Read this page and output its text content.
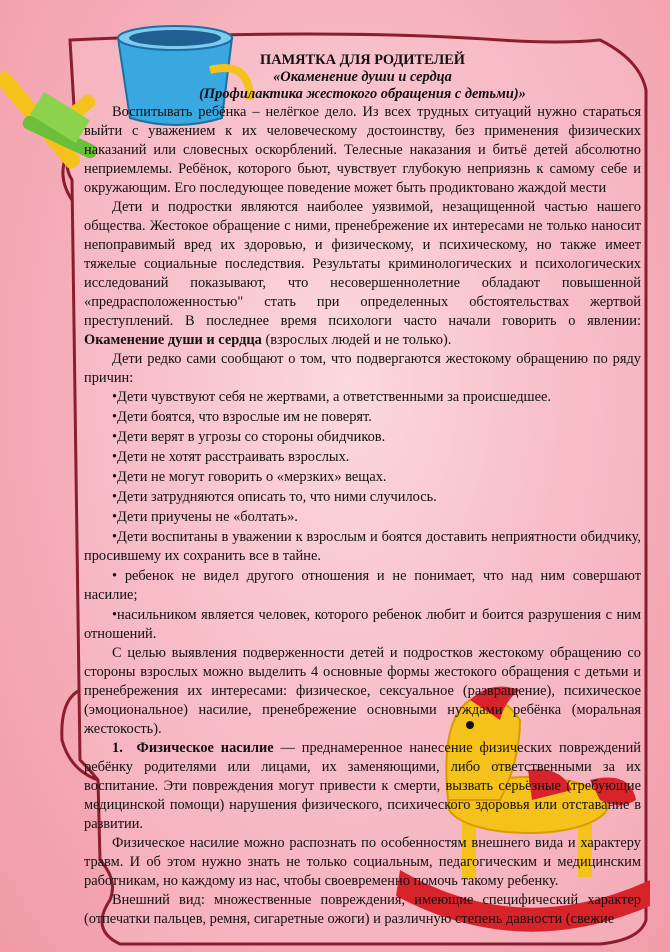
ПАМЯТКА ДЛЯ РОДИТЕЛЕЙ
«Окаменение души и сердца
(Профилактика жестокого обращения с детьми)»

Воспитывать ребёнка – нелёгкое дело. Из всех трудных ситуаций нужно стараться выйти с уважением к их человеческому достоинству, без применения физических наказаний или словесных оскорблений. Телесные наказания и битьё детей абсолютно неприемлемы. Ребёнок, которого бьют, чувствует глубокую неприязнь к самому себе и окружающим. Его последующее поведение может быть продиктовано жаждой мести

Дети и подростки являются наиболее уязвимой, незащищенной частью нашего общества. Жестокое обращение с ними, пренебрежение их интересами не только наносит непоправимый вред их здоровью, и физическому, и психическому, но также имеет тяжелые социальные последствия. Результаты криминологических и психологических исследований показывают, что несовершеннолетние обладают повышенной «предрасположенностью" стать при определенных обстоятельствах жертвой преступлений. В последнее время психологи часто начали говорить о явлении: Окаменение души и сердца (взрослых людей и не только).

Дети редко сами сообщают о том, что подвергаются жестокому обращению по ряду причин:

•Дети чувствуют себя не жертвами, а ответственными за происшедшее.

•Дети боятся, что взрослые им не поверят.

•Дети верят в угрозы со стороны обидчиков.

•Дети не хотят расстраивать взрослых.

•Дети не могут говорить о «мерзких» вещах.

•Дети затрудняются описать то, что ними случилось.

•Дети приучены не «болтать».

•Дети воспитаны в уважении к взрослым и боятся доставить неприятности обидчику, просившему их сохранить все в тайне.

• ребенок не видел другого отношения и не понимает, что над ним совершают насилие;

•насильником является человек, которого ребенок любит и боится разрушения с ним отношений.

С целью выявления подверженности детей и подростков жестокому обращению со стороны взрослых можно выделить 4 основные формы жестокого обращения с детьми и пренебрежения их интересами: физическое, сексуальное (развращение), психическое (эмоциональное) насилие, пренебрежение основными нуждами ребёнка (моральная жестокость).

1. Физическое насилие — преднамеренное нанесение физических повреждений ребёнку родителями или лицами, их заменяющими, либо ответственными за их воспитание. Эти повреждения могут привести к смерти, вызвать серьёзные (требующие медицинской помощи) нарушения физического, психического здоровья или отставание в развитии.

Физическое насилие можно распознать по особенностям внешнего вида и характеру травм. И об этом нужно знать не только социальным, педагогическим и медицинским работникам, но каждому из нас, чтобы своевременно помочь такому ребенку.

Внешний вид: множественные повреждения, имеющие специфический характер (отпечатки пальцев, ремня, сигаретные ожоги) и различную степень давности (свежие
